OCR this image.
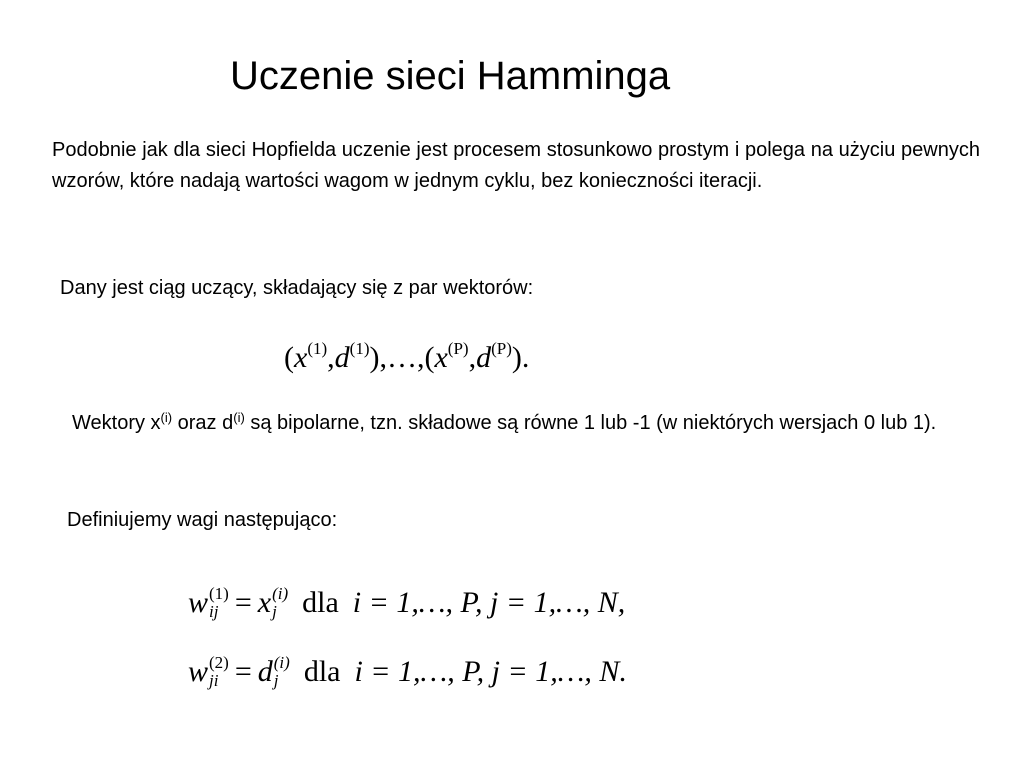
Uczenie sieci Hamminga
Podobnie jak dla sieci Hopfielda uczenie jest procesem stosunkowo prostym i polega na użyciu pewnych wzorów, które nadają wartości wagom w jednym cyklu, bez konieczności iteracji.
Dany jest ciąg uczący, składający się z par wektorów:
$(x^{(1)},d^{(1)}),\dots,(x^{(P)},d^{(P)})$.
Wektory $x^{(i)}$ oraz $d^{(i)}$ są bipolarne, tzn. składowe są równe 1 lub -1 (w niektórych wersjach 0 lub 1).
Definiujemy wagi następująco:
w (1)
ij = x (i)
j dla i = 1,…, P, j = 1,…, N,
w (2)
ji = d (i)
j dla i = 1,…, P, j = 1,…, N.
